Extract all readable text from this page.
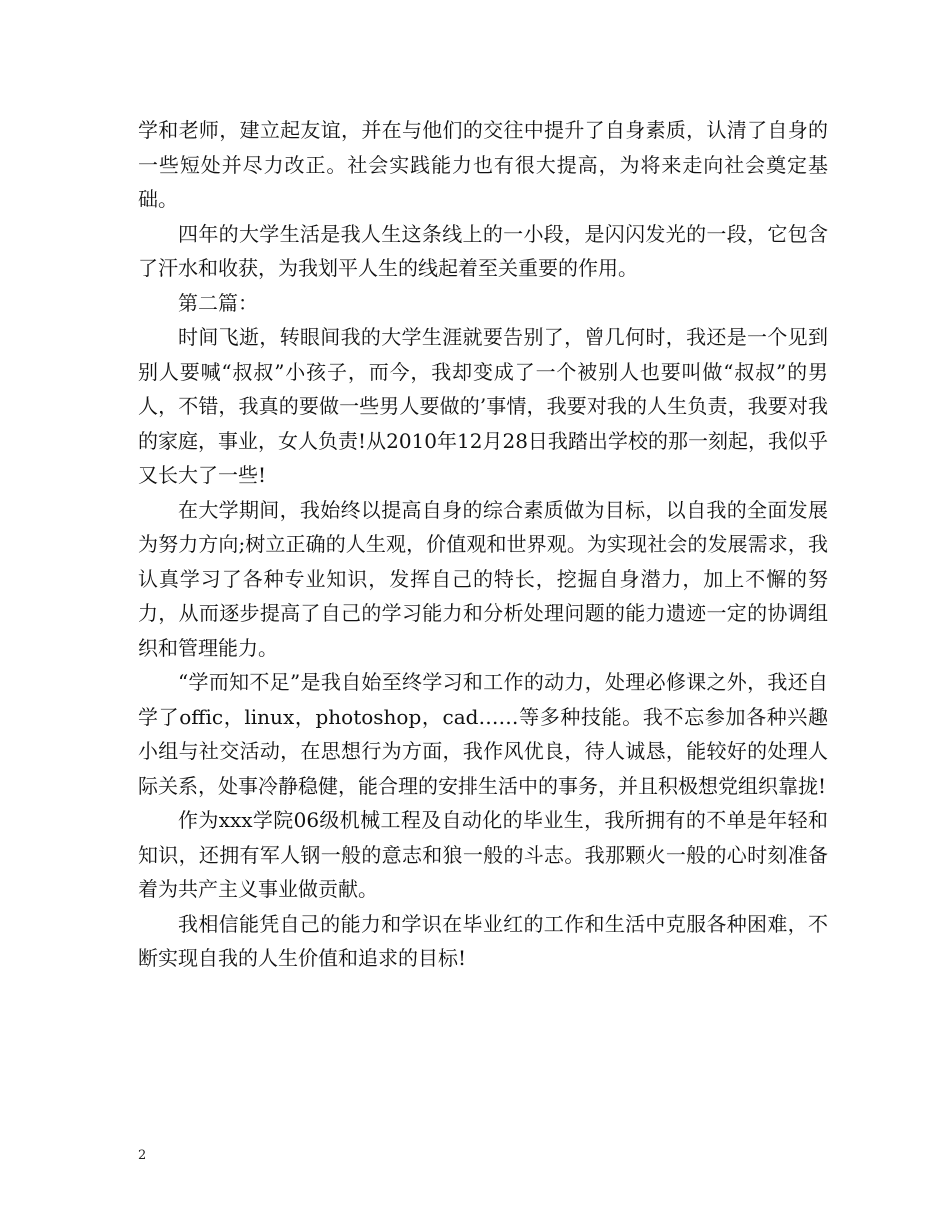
学和老师，建立起友谊，并在与他们的交往中提升了自身素质，认清了自身的一些短处并尽力改正。社会实践能力也有很大提高，为将来走向社会奠定基础。

四年的大学生活是我人生这条线上的一小段，是闪闪发光的一段，它包含了汗水和收获，为我划平人生的线起着至关重要的作用。

第二篇：

时间飞逝，转眼间我的大学生涯就要告别了，曾几何时，我还是一个见到别人要喊“叔叔”小孩子，而今，我却变成了一个被别人也要叫做“叔叔”的男人，不错，我真的要做一些男人要做的’事情，我要对我的人生负责，我要对我的家庭，事业，女人负责!从2010年12月28日我踏出学校的那一刻起，我似乎又长大了一些!

在大学期间，我始终以提高自身的综合素质做为目标，以自我的全面发展为努力方向;树立正确的人生观，价值观和世界观。为实现社会的发展需求，我认真学习了各种专业知识，发挥自己的特长，挖掘自身潜力，加上不懈的努力，从而逐步提高了自己的学习能力和分析处理问题的能力遗迹一定的协调组织和管理能力。

“学而知不足”是我自始至终学习和工作的动力，处理必修课之外，我还自学了offic，linux，photoshop，cad……等多种技能。我不忘参加各种兴趣小组与社交活动，在思想行为方面，我作风优良，待人诚恳，能较好的处理人际关系，处事冷静稳健，能合理的安排生活中的事务，并且积极想党组织靠拢!

作为xxx学院06级机械工程及自动化的毕业生，我所拥有的不单是年轻和知识，还拥有军人钢一般的意志和狼一般的斗志。我那颗火一般的心时刻准备着为共产主义事业做贡献。

我相信能凭自己的能力和学识在毕业红的工作和生活中克服各种困难，不断实现自我的人生价值和追求的目标!

2
